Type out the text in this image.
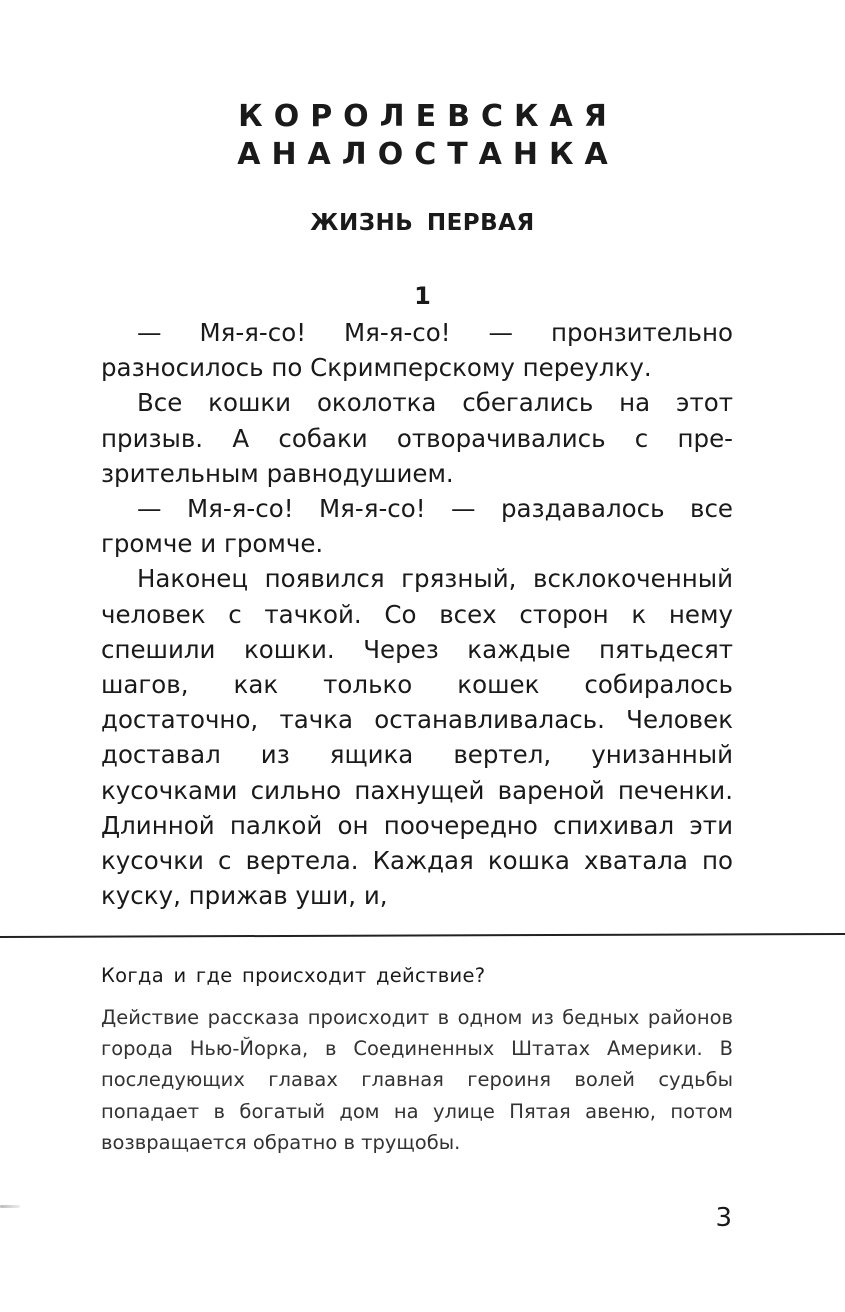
КОРОЛЕВСКАЯ
АНАЛОСТАНКА
ЖИЗНЬ ПЕРВАЯ
1

— Мя-я-со! Мя-я-со! — пронзительно разносилось по Скримперскому переулку.

Все кошки околотка сбегались на этот призыв. А собаки отворачивались с презрительным равнодушием.

— Мя-я-со! Мя-я-со! — раздавалось все громче и громче.

Наконец появился грязный, всклокоченный человек с тачкой. Со всех сторон к нему спешили кошки. Через каждые пятьдесят шагов, как только кошек собиралось достаточно, тачка останавливалась. Человек доставал из ящика вертел, унизанный кусочками сильно пахнущей вареной печенки. Длинной палкой он поочередно спихивал эти кусочки с вертела. Каждая кошка хватала по куску, прижав уши, и,

Когда и где происходит действие?
Действие рассказа происходит в одном из бедных районов города Нью-Йорка, в Соединенных Штатах Америки. В последующих главах главная героиня волей судьбы попадает в богатый дом на улице Пятая авеню, потом возвращается обратно в трущобы.
3
